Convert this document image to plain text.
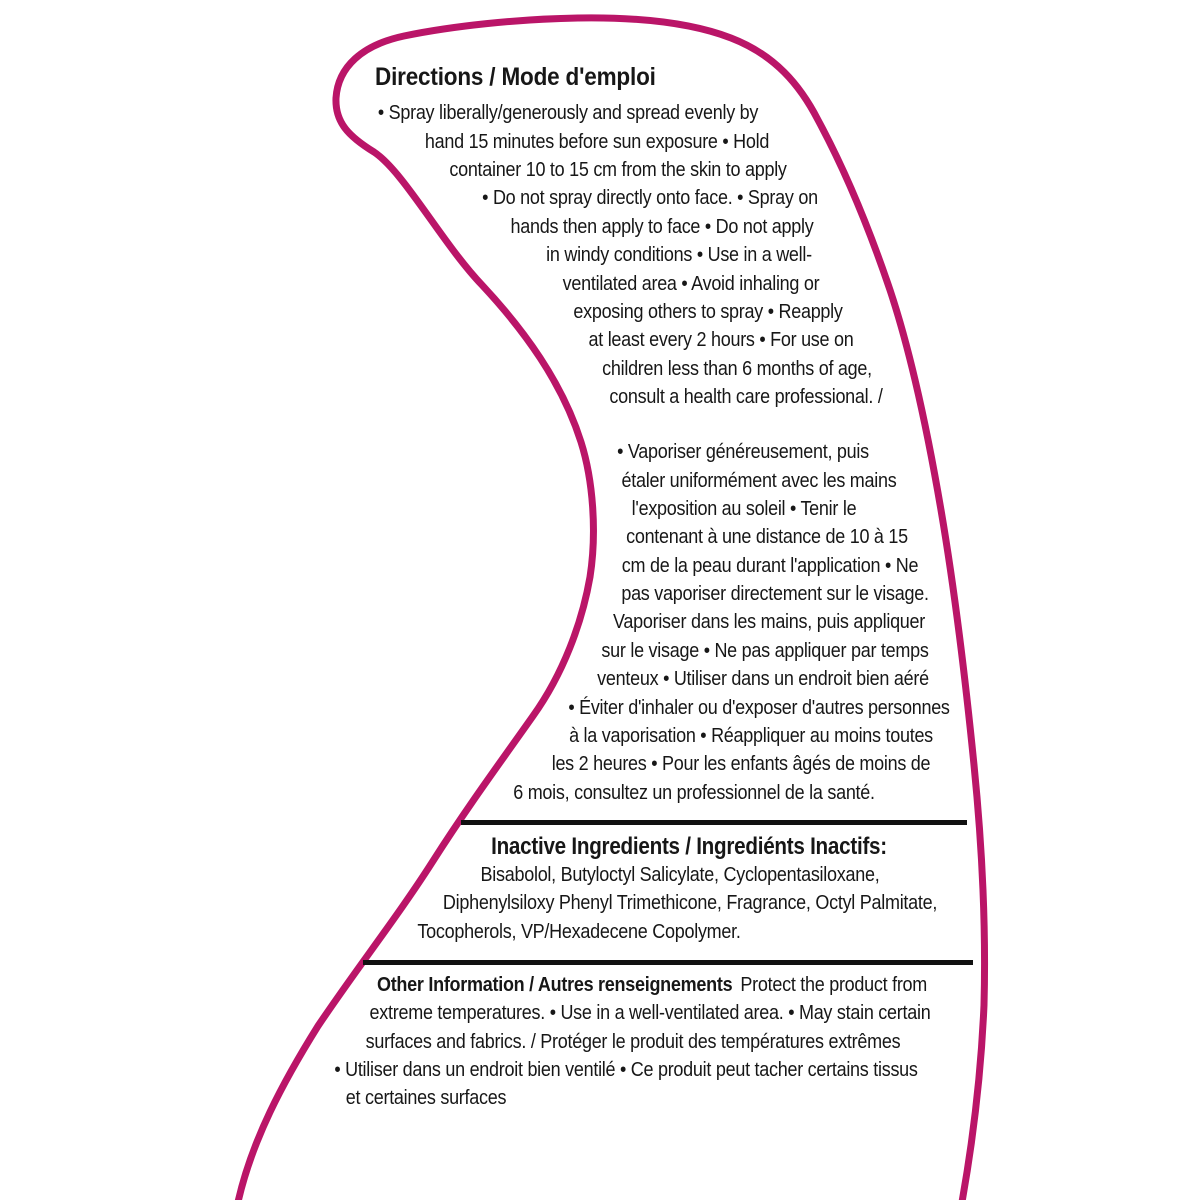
Directions / Mode d'emploi
• Spray liberally/generously and spread evenly by
hand 15 minutes before sun exposure • Hold
container 10 to 15 cm from the skin to apply
• Do not spray directly onto face. • Spray on
hands then apply to face • Do not apply
in windy conditions • Use in a well-
ventilated area • Avoid inhaling or
exposing others to spray • Reapply
at least every 2 hours • For use on
children less than 6 months of age,
consult a health care professional. /
• Vaporiser généreusement, puis
étaler uniformément avec les mains
l'exposition au soleil • Tenir le
contenant à une distance de 10 à 15
cm de la peau durant l'application • Ne
pas vaporiser directement sur le visage.
Vaporiser dans les mains, puis appliquer
sur le visage • Ne pas appliquer par temps
venteux • Utiliser dans un endroit bien aéré
• Éviter d'inhaler ou d'exposer d'autres personnes
à la vaporisation • Réappliquer au moins toutes
les 2 heures • Pour les enfants âgés de moins de
6 mois, consultez un professionnel de la santé.
Inactive Ingredients / Ingrediénts Inactifs:
Bisabolol, Butyloctyl Salicylate, Cyclopentasiloxane,
Diphenylsiloxy Phenyl Trimethicone, Fragrance, Octyl Palmitate,
Tocopherols, VP/Hexadecene Copolymer.
Other Information / Autres renseignements Protect the product from
extreme temperatures. • Use in a well-ventilated area. • May stain certain
surfaces and fabrics. / Protéger le produit des températures extrêmes
• Utiliser dans un endroit bien ventilé • Ce produit peut tacher certains tissus
et certaines surfaces
